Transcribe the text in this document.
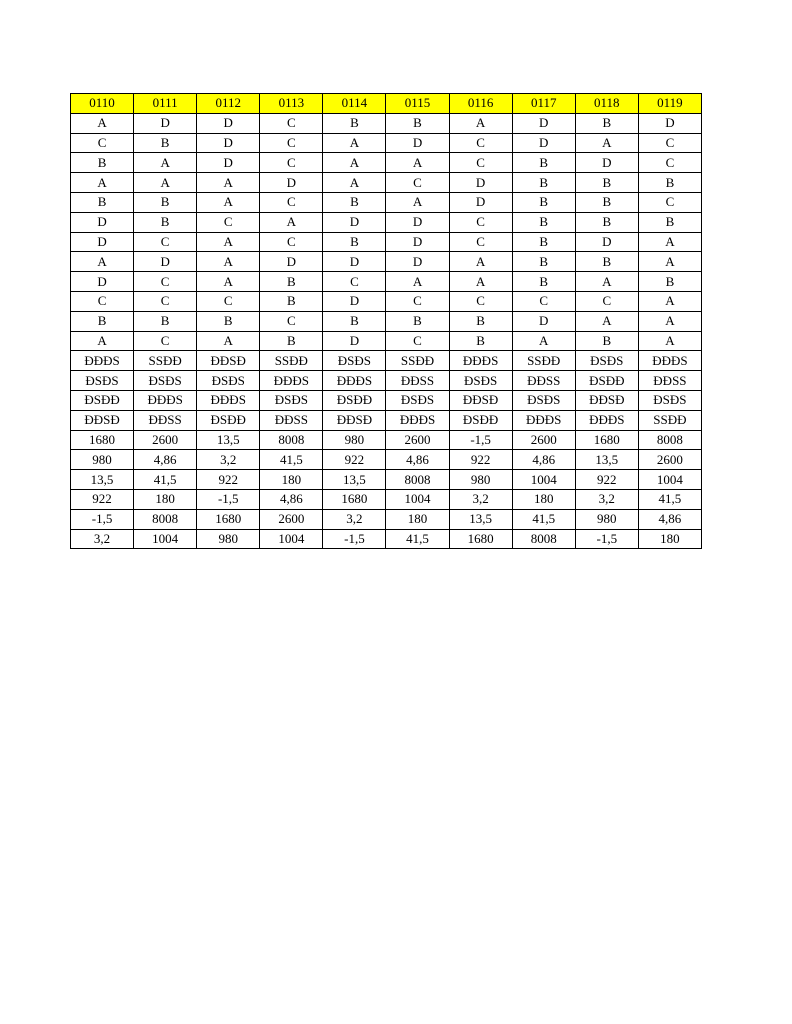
0110	0111	0112	0113	0114	0115	0116	0117	0118	0119
A	D	D	C	B	B	A	D	B	D
C	B	D	C	A	D	C	D	A	C
B	A	D	C	A	A	C	B	D	C
A	A	A	D	A	C	D	B	B	B
B	B	A	C	B	A	D	B	B	C
D	B	C	A	D	D	C	B	B	B
D	C	A	C	B	D	C	B	D	A
A	D	A	D	D	D	A	B	B	A
D	C	A	B	C	A	A	B	A	B
C	C	C	B	D	C	C	C	C	A
B	B	B	C	B	B	B	D	A	A
A	C	A	B	D	C	B	A	B	A
ĐĐĐS	SSĐĐ	ĐĐSĐ	SSĐĐ	ĐSĐS	SSĐĐ	ĐĐĐS	SSĐĐ	ĐSĐS	ĐĐĐS
ĐSĐS	ĐSĐS	ĐSĐS	ĐĐĐS	ĐĐĐS	ĐĐSS	ĐSĐS	ĐĐSS	ĐSĐĐ	ĐĐSS
ĐSĐĐ	ĐĐĐS	ĐĐĐS	ĐSĐS	ĐSĐĐ	ĐSĐS	ĐĐSĐ	ĐSĐS	ĐĐSĐ	ĐSĐS
ĐĐSĐ	ĐĐSS	ĐSĐĐ	ĐĐSS	ĐĐSĐ	ĐĐĐS	ĐSĐĐ	ĐĐĐS	ĐĐĐS	SSĐĐ
1680	2600	13,5	8008	980	2600	-1,5	2600	1680	8008
980	4,86	3,2	41,5	922	4,86	922	4,86	13,5	2600
13,5	41,5	922	180	13,5	8008	980	1004	922	1004
922	180	-1,5	4,86	1680	1004	3,2	180	3,2	41,5
-1,5	8008	1680	2600	3,2	180	13,5	41,5	980	4,86
3,2	1004	980	1004	-1,5	41,5	1680	8008	-1,5	180
